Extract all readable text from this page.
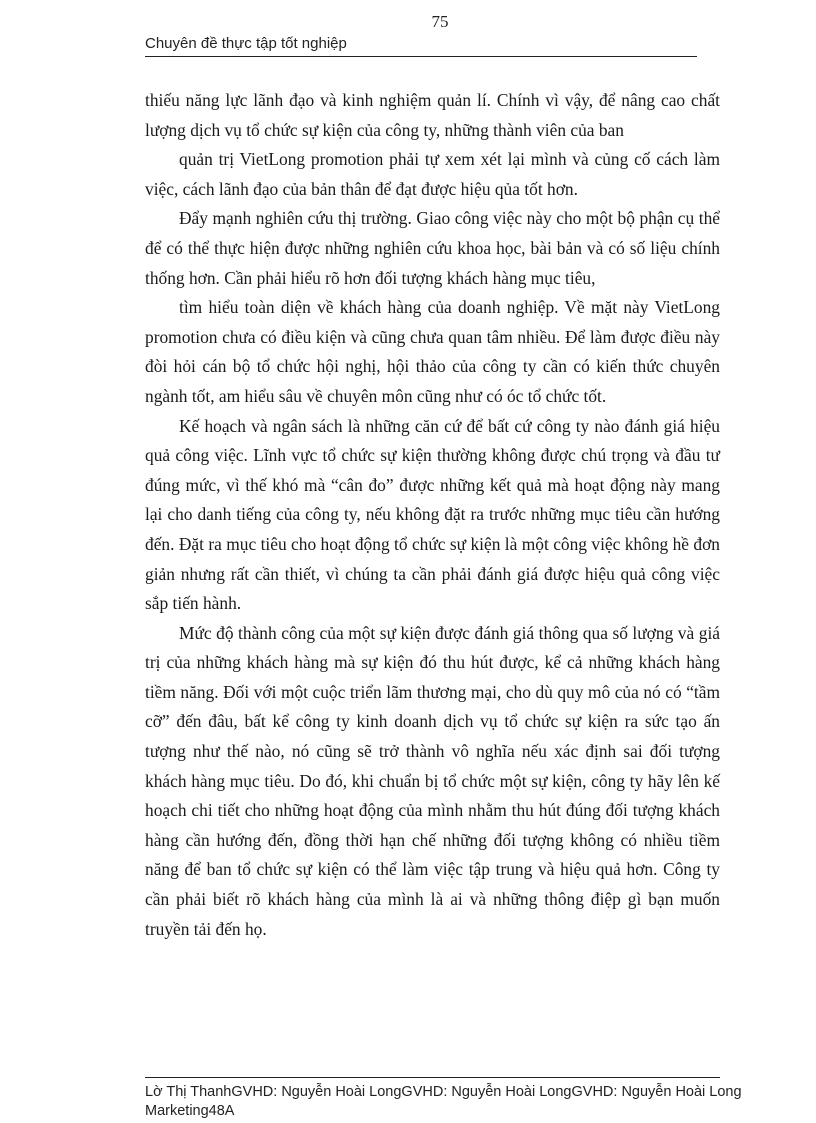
75
Chuyên đề thực tập tốt nghiệp

thiếu năng lực lãnh đạo và kinh nghiệm quản lí. Chính vì vậy, để nâng cao chất lượng dịch vụ tổ chức sự kiện của công ty, những thành viên của ban

quản trị VietLong promotion phải tự xem xét lại mình và củng cố cách làm việc, cách lãnh đạo của bản thân để đạt được hiệu qủa tốt hơn.

Đẩy mạnh nghiên cứu thị trường. Giao công việc này cho một bộ phận cụ thể để có thể thực hiện được những nghiên cứu khoa học, bài bản và có số liệu chính thống hơn. Cần phải hiểu rõ hơn đối tượng khách hàng mục tiêu,

tìm hiểu toàn diện về khách hàng của doanh nghiệp. Về mặt này VietLong promotion chưa có điều kiện và cũng chưa quan tâm nhiều. Để làm được điều này đòi hỏi cán bộ tổ chức hội nghị, hội thảo của công ty cần có kiến thức chuyên ngành tốt, am hiểu sâu về chuyên môn cũng như có óc tổ chức tốt.

Kế hoạch và ngân sách là những căn cứ để bất cứ công ty nào đánh giá hiệu quả công việc. Lĩnh vực tổ chức sự kiện thường không được chú trọng và đầu tư đúng mức, vì thế khó mà “cân đo” được những kết quả mà hoạt động này mang lại cho danh tiếng của công ty, nếu không đặt ra trước những mục tiêu cần hướng đến. Đặt ra mục tiêu cho hoạt động tổ chức sự kiện là một công việc không hề đơn giản nhưng rất cần thiết, vì chúng ta cần phải đánh giá được hiệu quả công việc sắp tiến hành.

Mức độ thành công của một sự kiện được đánh giá thông qua số lượng và giá trị của những khách hàng mà sự kiện đó thu hút được, kể cả những khách hàng tiềm năng. Đối với một cuộc triển lãm thương mại, cho dù quy mô của nó có “tầm cỡ” đến đâu, bất kể công ty kinh doanh dịch vụ tổ chức sự kiện ra sức tạo ấn tượng như thế nào, nó cũng sẽ trở thành vô nghĩa nếu xác định sai đối tượng khách hàng mục tiêu. Do đó, khi chuẩn bị tổ chức một sự kiện, công ty hãy lên kế hoạch chi tiết cho những hoạt động của mình nhằm thu hút đúng đối tượng khách hàng cần hướng đến, đồng thời hạn chế những đối tượng không có nhiều tiềm năng để ban tổ chức sự kiện có thể làm việc tập trung và hiệu quả hơn. Công ty cần phải biết rõ khách hàng của mình là ai và những thông điệp gì bạn muốn truyền tải đến họ.

Lờ Thị ThanhGVHD: Nguyễn Hoài LongGVHD: Nguyễn Hoài LongGVHD: Nguyễn Hoài Long
Marketing48A
